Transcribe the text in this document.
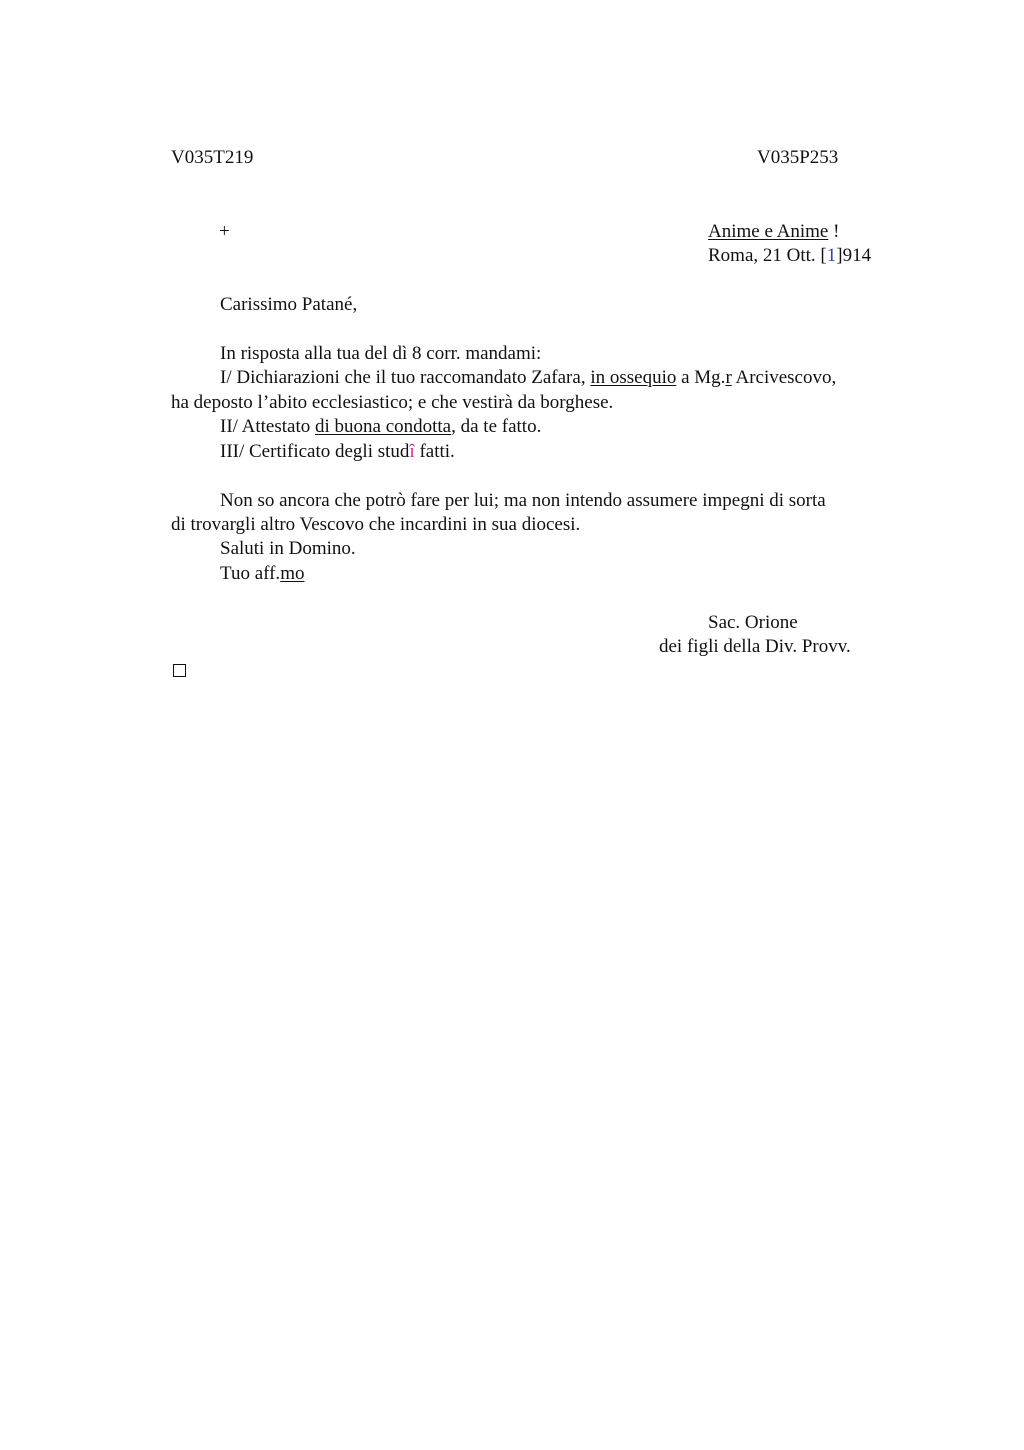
V035T219	V035P253
+	Anime e Anime !
Roma, 21 Ott. [1]914
Carissimo Patané,
In risposta alla tua del dì 8 corr. mandami:
I/ Dichiarazioni che il tuo raccomandato Zafara, in ossequio a Mg.r Arcivescovo,
ha deposto l’abito ecclesiastico; e che vestirà da borghese.
II/ Attestato di buona condotta, da te fatto.
III/ Certificato degli studî fatti.
Non so ancora che potrò fare per lui; ma non intendo assumere impegni di sorta
di trovargli altro Vescovo che incardini in sua diocesi.
Saluti in Domino.
Tuo aff.mo
Sac. Orione
dei figli della Div. Provv.
